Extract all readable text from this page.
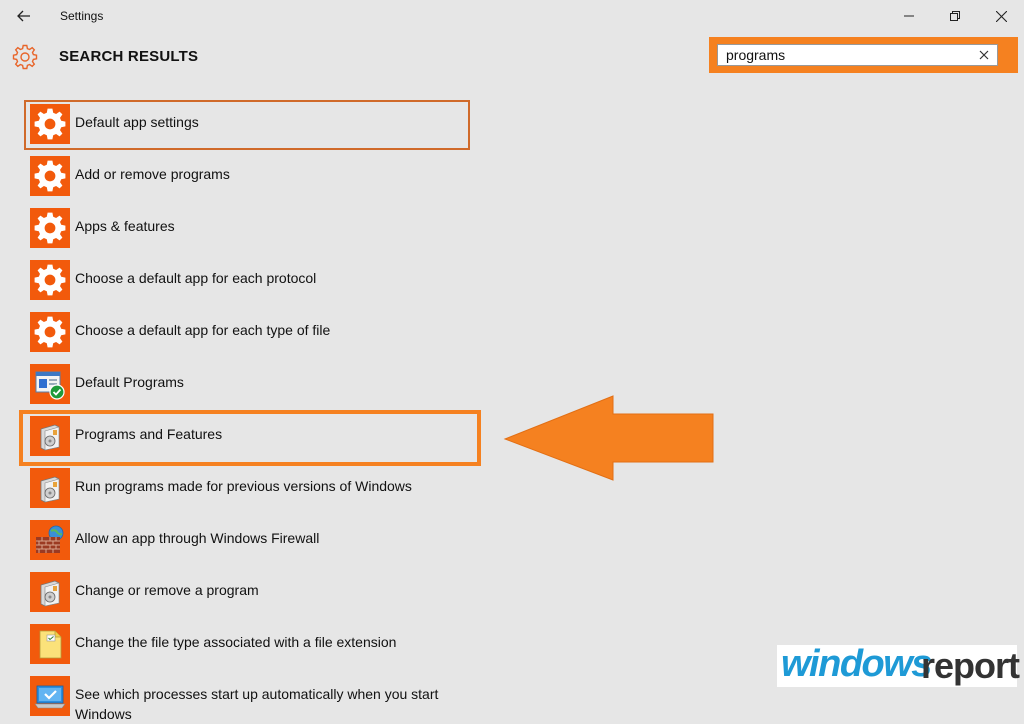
Settings
SEARCH RESULTS
programs
Default app settings
Add or remove programs
Apps & features
Choose a default app for each protocol
Choose a default app for each type of file
Default Programs
Programs and Features
Run programs made for previous versions of Windows
Allow an app through Windows Firewall
Change or remove a program
Change the file type associated with a file extension
See which processes start up automatically when you start Windows
windows
report
